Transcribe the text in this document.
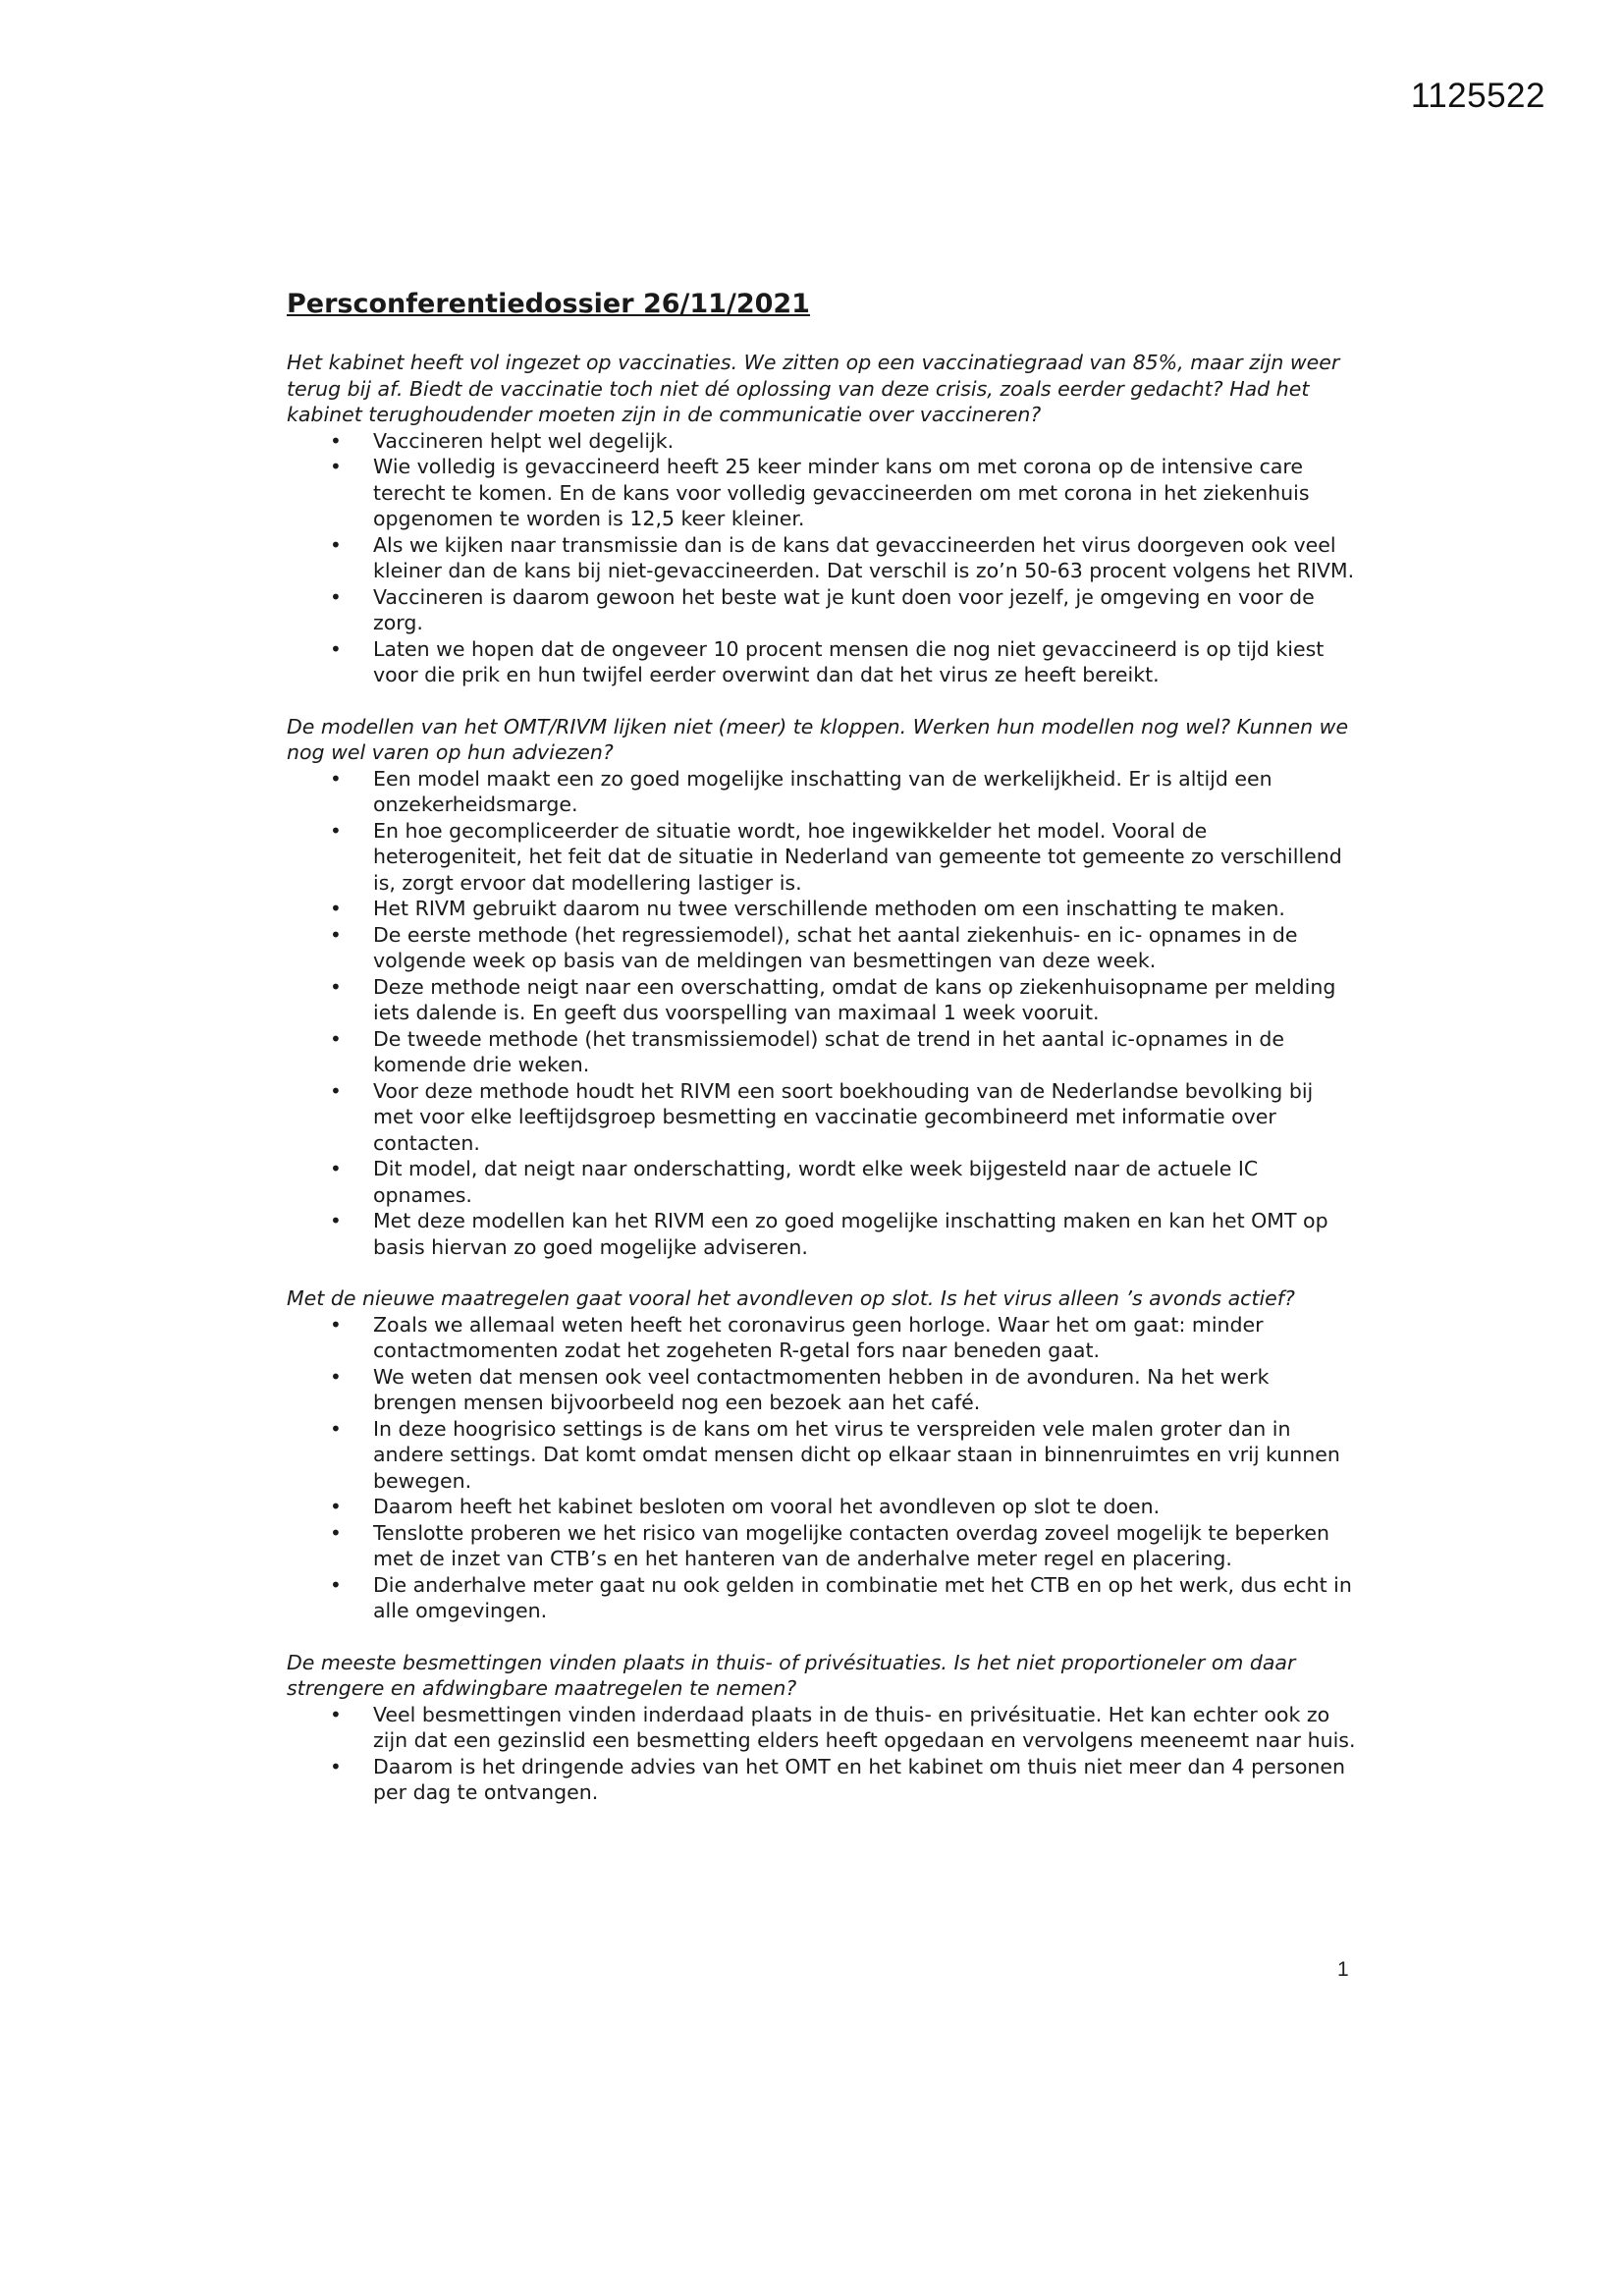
1125522
Persconferentiedossier 26/11/2021

Het kabinet heeft vol ingezet op vaccinaties. We zitten op een vaccinatiegraad van 85%, maar zijn weer terug bij af. Biedt de vaccinatie toch niet dé oplossing van deze crisis, zoals eerder gedacht? Had het kabinet terughoudender moeten zijn in de communicatie over vaccineren?

• Vaccineren helpt wel degelijk.
• Wie volledig is gevaccineerd heeft 25 keer minder kans om met corona op de intensive care terecht te komen. En de kans voor volledig gevaccineerden om met corona in het ziekenhuis opgenomen te worden is 12,5 keer kleiner.
• Als we kijken naar transmissie dan is de kans dat gevaccineerden het virus doorgeven ook veel kleiner dan de kans bij niet-gevaccineerden. Dat verschil is zo’n 50-63 procent volgens het RIVM.
• Vaccineren is daarom gewoon het beste wat je kunt doen voor jezelf, je omgeving en voor de zorg.
• Laten we hopen dat de ongeveer 10 procent mensen die nog niet gevaccineerd is op tijd kiest voor die prik en hun twijfel eerder overwint dan dat het virus ze heeft bereikt.

De modellen van het OMT/RIVM lijken niet (meer) te kloppen. Werken hun modellen nog wel? Kunnen we nog wel varen op hun adviezen?

• Een model maakt een zo goed mogelijke inschatting van de werkelijkheid. Er is altijd een onzekerheidsmarge.
• En hoe gecompliceerder de situatie wordt, hoe ingewikkelder het model. Vooral de heterogeniteit, het feit dat de situatie in Nederland van gemeente tot gemeente zo verschillend is, zorgt ervoor dat modellering lastiger is.
• Het RIVM gebruikt daarom nu twee verschillende methoden om een inschatting te maken.
• De eerste methode (het regressiemodel), schat het aantal ziekenhuis- en ic- opnames in de volgende week op basis van de meldingen van besmettingen van deze week.
• Deze methode neigt naar een overschatting, omdat de kans op ziekenhuisopname per melding iets dalende is. En geeft dus voorspelling van maximaal 1 week vooruit.
• De tweede methode (het transmissiemodel) schat de trend in het aantal ic-opnames in de komende drie weken.
• Voor deze methode houdt het RIVM een soort boekhouding van de Nederlandse bevolking bij met voor elke leeftijdsgroep besmetting en vaccinatie gecombineerd met informatie over contacten.
• Dit model, dat neigt naar onderschatting, wordt elke week bijgesteld naar de actuele IC opnames.
• Met deze modellen kan het RIVM een zo goed mogelijke inschatting maken en kan het OMT op basis hiervan zo goed mogelijke adviseren.

Met de nieuwe maatregelen gaat vooral het avondleven op slot. Is het virus alleen ’s avonds actief?

• Zoals we allemaal weten heeft het coronavirus geen horloge. Waar het om gaat: minder contactmomenten zodat het zogeheten R-getal fors naar beneden gaat.
• We weten dat mensen ook veel contactmomenten hebben in de avonduren. Na het werk brengen mensen bijvoorbeeld nog een bezoek aan het café.
• In deze hoogrisico settings is de kans om het virus te verspreiden vele malen groter dan in andere settings. Dat komt omdat mensen dicht op elkaar staan in binnenruimtes en vrij kunnen bewegen.
• Daarom heeft het kabinet besloten om vooral het avondleven op slot te doen.
• Tenslotte proberen we het risico van mogelijke contacten overdag zoveel mogelijk te beperken met de inzet van CTB’s en het hanteren van de anderhalve meter regel en placering.
• Die anderhalve meter gaat nu ook gelden in combinatie met het CTB en op het werk, dus echt in alle omgevingen.

De meeste besmettingen vinden plaats in thuis- of privésituaties. Is het niet proportioneler om daar strengere en afdwingbare maatregelen te nemen?

• Veel besmettingen vinden inderdaad plaats in de thuis- en privésituatie. Het kan echter ook zo zijn dat een gezinslid een besmetting elders heeft opgedaan en vervolgens meeneemt naar huis.
• Daarom is het dringende advies van het OMT en het kabinet om thuis niet meer dan 4 personen per dag te ontvangen.
1
